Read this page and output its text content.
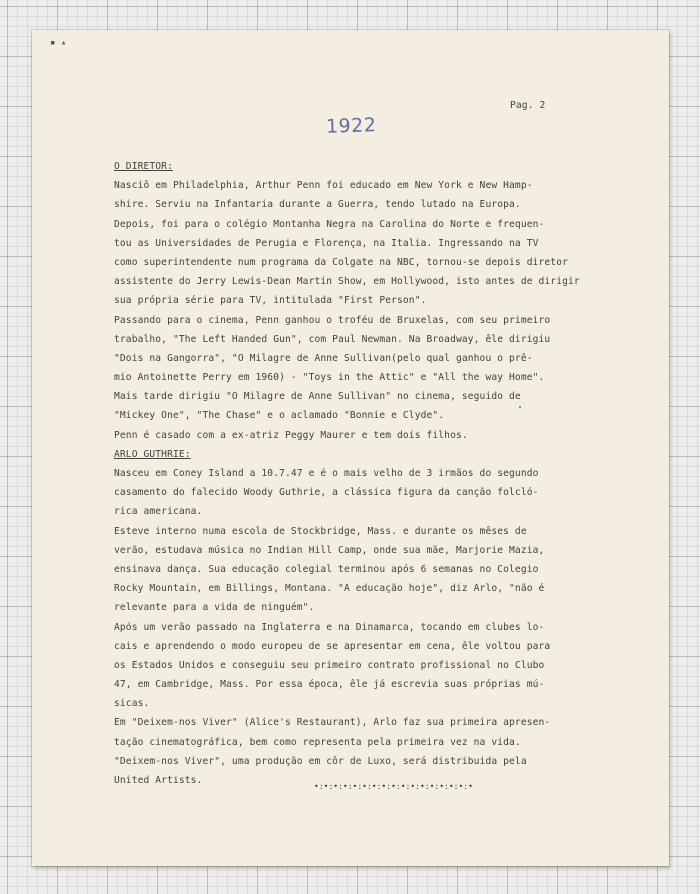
▪ ▴
Pag. 2
1922
O DIRETOR:
Nasciô em Philadelphia, Arthur Penn foi educado em New York e New Hamp-
shire. Serviu na Infantaria durante a Guerra, tendo lutado na Europa.
Depois, foi para o colégio Montanha Negra na Carolina do Norte e frequen-
tou as Universidades de Perugia e Florença, na Italia. Ingressando na TV
como superintendente num programa da Colgate na NBC, tornou-se depois diretor
assistente do Jerry Lewis-Dean Martin Show, em Hollywood, isto antes de dirigir
sua própria série para TV, intitulada "First Person".
Passando para o cinema, Penn ganhou o troféu de Bruxelas, com seu primeiro
trabalho, "The Left Handed Gun", com Paul Newman. Na Broadway, êle dirigiu
"Dois na Gangorra", "O Milagre de Anne Sullivan(pelo qual ganhou o prê-
mio Antoinette Perry em 1960) - "Toys in the Attic" e "All the way Home".
Mais tarde dirigiu "O Milagre de Anne Sullivan" no cinema, seguido de
"Mickey One", "The Chase" e o aclamado "Bonnie e Clyde".
Penn é casado com a ex-atriz Peggy Maurer e tem dois filhos.
ARLO GUTHRIE:
Nasceu em Coney Island a 10.7.47 e é o mais velho de 3 irmãos do segundo
casamento do falecido Woody Guthrie, a clássica figura da canção folcló-
rica americana.
Esteve interno numa escola de Stockbridge, Mass. e durante os mêses de
verão, estudava música no Indian Hill Camp, onde sua mãe, Marjorie Mazia,
ensinava dança. Sua educação colegial terminou após 6 semanas no Colegio
Rocky Mountain, em Billings, Montana. "A educação hoje", diz Arlo, "não é
relevante para a vida de ninguém".
Após um verão passado na Inglaterra e na Dinamarca, tocando em clubes lo-
cais e aprendendo o modo europeu de se apresentar em cena, êle voltou para
os Estados Unidos e conseguiu seu primeiro contrato profissional no Clubo
47, em Cambridge, Mass. Por essa época, êle já escrevia suas próprias mú-
sicas.
Em "Deixem-nos Viver" (Alice's Restaurant), Arlo faz sua primeira apresen-
tação cinematográfica, bem como representa pela primeira vez na vida.
"Deixem-nos Viver", uma produção em côr de Luxo, será distribuida pela
United Artists.
•:•:•:•:•:•:•:•:•:•:•:•:•:•:•:•:•
